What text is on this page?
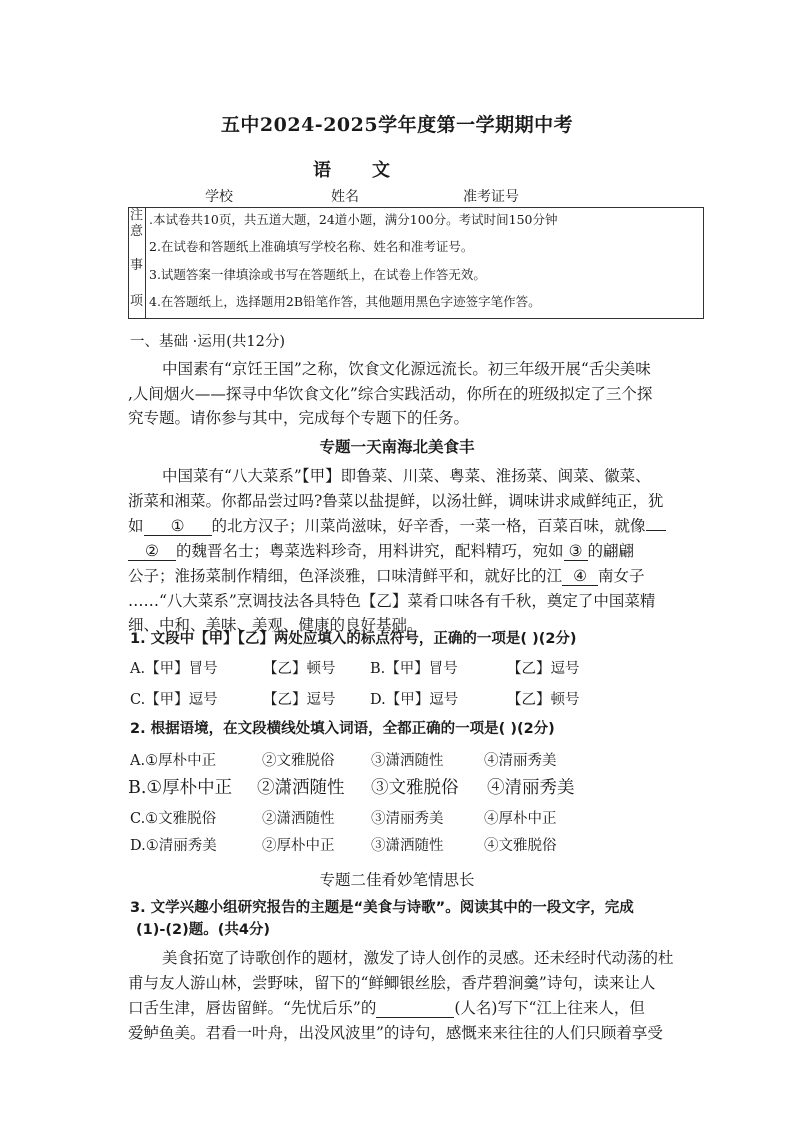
五中2024-2025学年度第一学期期中考
语 文
学校	姓名	准考证号
注
意
事
项
.本试卷共10页，共五道大题，24道小题，满分100分。考试时间150分钟
2.在试卷和答题纸上准确填写学校名称、姓名和准考证号。
3.试题答案一律填涂或书写在答题纸上，在试卷上作答无效。
4.在答题纸上，选择题用2B铅笔作答，其他题用黑色字迹签字笔作答。
一、基础 ·运用(共12分)
中国素有“京饪王国”之称，饮食文化源远流长。初三年级开展“舌尖美味
,人间烟火——探寻中华饮食文化”综合实践活动，你所在的班级拟定了三个探
究专题。请你参与其中，完成每个专题下的任务。
专题一天南海北美食丰
中国菜有“八大菜系”【甲】即鲁菜、川菜、粤菜、淮扬菜、闽菜、徽菜、
浙菜和湘菜。你都品尝过吗?鲁菜以盐提鲜，以汤壮鲜，调味讲求咸鲜纯正，犹
如 ① 的北方汉子；川菜尚滋味，好辛香，一菜一格，百菜百味，就像
② 的魏晋名士；粤菜选料珍奇，用料讲究，配料精巧，宛如 ③ 的翩翩
公子；淮扬菜制作精细，色泽淡雅，口味清鲜平和，就好比的江 ④ 南女子
……“八大菜系”烹调技法各具特色【乙】菜肴口味各有千秋，奠定了中国菜精
细、中和、美味、美观、健康的良好基础。
1. 文段中【甲】【乙】两处应填入的标点符号，正确的一项是( )(2分)
A.【甲】冒号	【乙】顿号 B.【甲】冒号	【乙】逗号
C.【甲】逗号	【乙】逗号 D.【甲】逗号	【乙】顿号
2. 根据语境，在文段横线处填入词语，全都正确的一项是( )(2分)
A.①厚朴中正	②文雅脱俗	③潇洒随性	④清丽秀美
B.①厚朴中正 ②潇洒随性 ③文雅脱俗 ④清丽秀美
C.①文雅脱俗	②潇洒随性	③清丽秀美	④厚朴中正
D.①清丽秀美	②厚朴中正	③潇洒随性	④文雅脱俗
专题二佳肴妙笔情思长
3. 文学兴趣小组研究报告的主题是“美食与诗歌”。阅读其中的一段文字，完成
(1)-(2)题。(共4分)
美食拓宽了诗歌创作的题材，激发了诗人创作的灵感。还未经时代动荡的杜
甫与友人游山林，尝野味，留下的“鲜鲫银丝脍，香芹碧涧羹”诗句，读来让人
口舌生津，唇齿留鲜。“先忧后乐”的	(人名)写下“江上往来人，但
爱鲈鱼美。君看一叶舟，出没风波里”的诗句，感慨来来往往的人们只顾着享受
